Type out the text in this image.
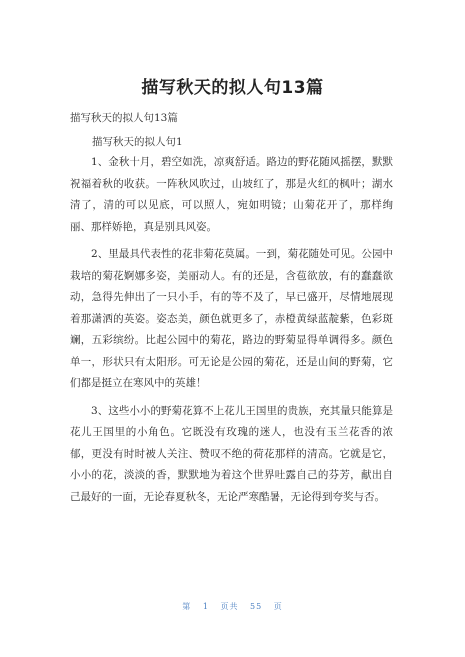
描写秋天的拟人句13篇
描写秋天的拟人句13篇
描写秋天的拟人句1

1、金秋十月，碧空如洗，凉爽舒适。路边的野花随风摇摆，默默祝福着秋的收获。一阵秋风吹过，山坡红了，那是火红的枫叶；湖水清了，清的可以见底，可以照人，宛如明镜；山菊花开了，那样绚丽、那样娇艳，真是别具风姿。

2、里最具代表性的花非菊花莫属。一到，菊花随处可见。公园中栽培的菊花婀娜多姿，美丽动人。有的还是，含苞欲放，有的蠢蠢欲动，急得先伸出了一只小手，有的等不及了，早已盛开，尽情地展现着那潇洒的英姿。姿态美，颜色就更多了，赤橙黄绿蓝靛紫，色彩斑斓，五彩缤纷。比起公园中的菊花，路边的野菊显得单调得多。颜色单一，形状只有太阳形。可无论是公园的菊花，还是山间的野菊，它们都是挺立在寒风中的英雄！

3、这些小小的野菊花算不上花儿王国里的贵族，充其量只能算是花儿王国里的小角色。它既没有玫瑰的迷人，也没有玉兰花香的浓郁，更没有时时被人关注、赞叹不绝的荷花那样的清高。它就是它，小小的花，淡淡的香，默默地为着这个世界吐露自己的芬芳，献出自己最好的一面，无论春夏秋冬，无论严寒酷暑，无论得到夸奖与否。

第 1 页共 55 页
